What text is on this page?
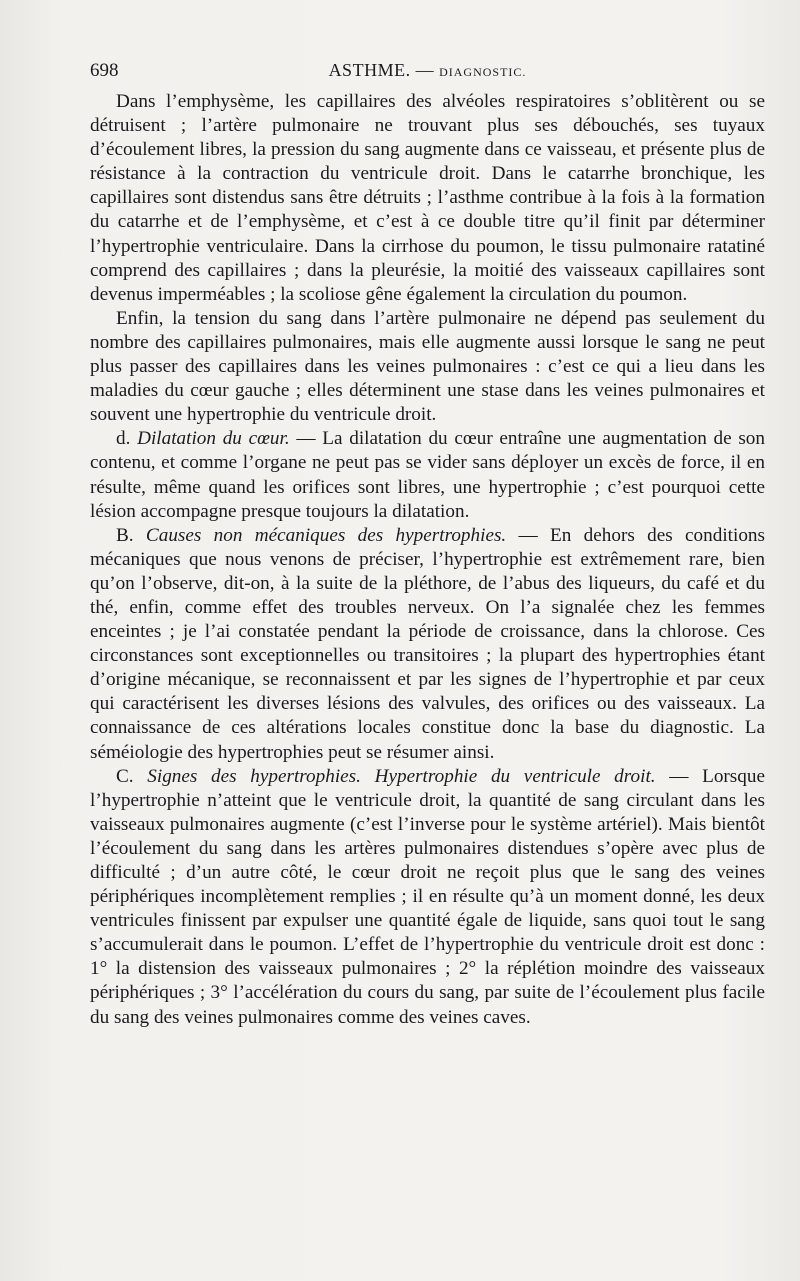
698	ASTHME. — DIAGNOSTIC.

Dans l’emphysème, les capillaires des alvéoles respiratoires s’oblitèrent ou se détruisent ; l’artère pulmonaire ne trouvant plus ses débouchés, ses tuyaux d’écoulement libres, la pression du sang augmente dans ce vaisseau, et présente plus de résistance à la contraction du ventricule droit. Dans le catarrhe bronchique, les capillaires sont distendus sans être détruits ; l’asthme contribue à la fois à la formation du catarrhe et de l’emphysème, et c’est à ce double titre qu’il finit par déterminer l’hypertrophie ventriculaire. Dans la cirrhose du poumon, le tissu pulmonaire ratatiné comprend des capillaires ; dans la pleurésie, la moitié des vaisseaux capillaires sont devenus imperméables ; la scoliose gêne également la circulation du poumon.

Enfin, la tension du sang dans l’artère pulmonaire ne dépend pas seulement du nombre des capillaires pulmonaires, mais elle augmente aussi lorsque le sang ne peut plus passer des capillaires dans les veines pulmonaires : c’est ce qui a lieu dans les maladies du cœur gauche ; elles déterminent une stase dans les veines pulmonaires et souvent une hypertrophie du ventricule droit.

d. Dilatation du cœur. — La dilatation du cœur entraîne une augmentation de son contenu, et comme l’organe ne peut pas se vider sans déployer un excès de force, il en résulte, même quand les orifices sont libres, une hypertrophie ; c’est pourquoi cette lésion accompagne presque toujours la dilatation.

B. Causes non mécaniques des hypertrophies. — En dehors des conditions mécaniques que nous venons de préciser, l’hypertrophie est extrêmement rare, bien qu’on l’observe, dit-on, à la suite de la pléthore, de l’abus des liqueurs, du café et du thé, enfin, comme effet des troubles nerveux. On l’a signalée chez les femmes enceintes ; je l’ai constatée pendant la période de croissance, dans la chlorose. Ces circonstances sont exceptionnelles ou transitoires ; la plupart des hypertrophies étant d’origine mécanique, se reconnaissent et par les signes de l’hypertrophie et par ceux qui caractérisent les diverses lésions des valvules, des orifices ou des vaisseaux. La connaissance de ces altérations locales constitue donc la base du diagnostic. La séméiologie des hypertrophies peut se résumer ainsi.

C. Signes des hypertrophies. Hypertrophie du ventricule droit. — Lorsque l’hypertrophie n’atteint que le ventricule droit, la quantité de sang circulant dans les vaisseaux pulmonaires augmente (c’est l’inverse pour le système artériel). Mais bientôt l’écoulement du sang dans les artères pulmonaires distendues s’opère avec plus de difficulté ; d’un autre côté, le cœur droit ne reçoit plus que le sang des veines périphériques incomplètement remplies ; il en résulte qu’à un moment donné, les deux ventricules finissent par expulser une quantité égale de liquide, sans quoi tout le sang s’accumulerait dans le poumon. L’effet de l’hypertrophie du ventricule droit est donc : 1° la distension des vaisseaux pulmonaires ; 2° la réplétion moindre des vaisseaux périphériques ; 3° l’accélération du cours du sang, par suite de l’écoulement plus facile du sang des veines pulmonaires comme des veines caves.
